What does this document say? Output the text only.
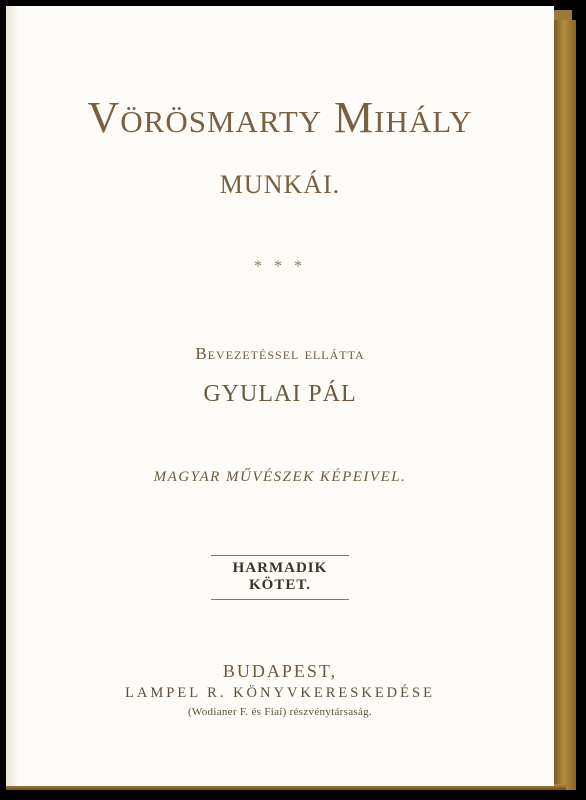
Vörösmarty Mihály
MUNKÁI.
* * *
Bevezetéssel ellátta
GYULAI PÁL
MAGYAR MŰVÉSZEK KÉPEIVEL.
HARMADIK KÖTET.
BUDAPEST,
LAMPEL R. KÖNYVKERESKEDÉSE
(Wodianer F. és Fiai) részvénytársaság.
